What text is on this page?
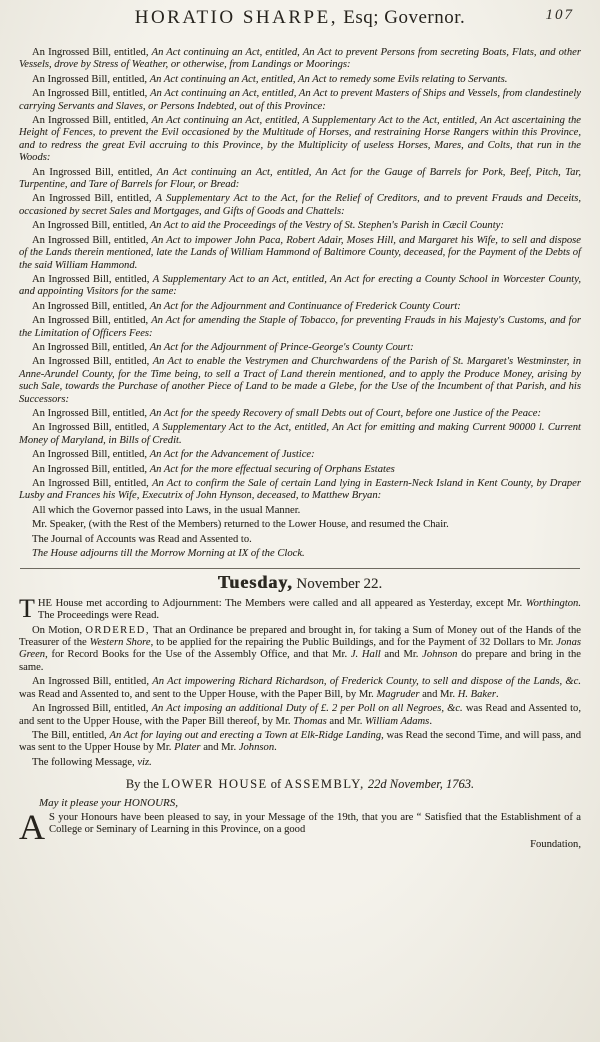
HORATIO SHARPE, Esq; Governor.	107

An Ingrossed Bill, entitled, An Act continuing an Act, entitled, An Act to prevent Persons from secreting Boats, Flats, and other Vessels, drove by Stress of Weather, or otherwise, from Landings or Moorings:

An Ingrossed Bill, entitled, An Act continuing an Act, entitled, An Act to remedy some Evils relating to Servants.

An Ingrossed Bill, entitled, An Act continuing an Act, entitled, An Act to prevent Masters of Ships and Vessels, from clandestinely carrying Servants and Slaves, or Persons Indebted, out of this Province:

An Ingrossed Bill, entitled, An Act continuing an Act, entitled, A Supplementary Act to the Act, entitled, An Act ascertaining the Height of Fences, to prevent the Evil occasioned by the Multitude of Horses, and restraining Horse Rangers within this Province, and to redress the great Evil accruing to this Province, by the Multiplicity of useless Horses, Mares, and Colts, that run in the Woods:

An Ingrossed Bill, entitled, An Act continuing an Act, entitled, An Act for the Gauge of Barrels for Pork, Beef, Pitch, Tar, Turpentine, and Tare of Barrels for Flour, or Bread:

An Ingrossed Bill, entitled, A Supplementary Act to the Act, for the Relief of Creditors, and to prevent Frauds and Deceits, occasioned by secret Sales and Mortgages, and Gifts of Goods and Chattels:

An Ingrossed Bill, entitled, An Act to aid the Proceedings of the Vestry of St. Stephen's Parish in Cæcil County:

An Ingrossed Bill, entitled, An Act to impower John Paca, Robert Adair, Moses Hill, and Margaret his Wife, to sell and dispose of the Lands therein mentioned, late the Lands of William Hammond of Baltimore County, deceased, for the Payment of the Debts of the said William Hammond.

An Ingrossed Bill, entitled, A Supplementary Act to an Act, entitled, An Act for erecting a County School in Worcester County, and appointing Visitors for the same:

An Ingrossed Bill, entitled, An Act for the Adjournment and Continuance of Frederick County Court:

An Ingrossed Bill, entitled, An Act for amending the Staple of Tobacco, for preventing Frauds in his Majesty's Customs, and for the Limitation of Officers Fees:

An Ingrossed Bill, entitled, An Act for the Adjournment of Prince-George's County Court:

An Ingrossed Bill, entitled, An Act to enable the Vestrymen and Churchwardens of the Parish of St. Margaret's Westminster, in Anne-Arundel County, for the Time being, to sell a Tract of Land therein mentioned, and to apply the Produce Money, arising by such Sale, towards the Purchase of another Piece of Land to be made a Glebe, for the Use of the Incumbent of that Parish, and his Successors:

An Ingrossed Bill, entitled, An Act for the speedy Recovery of small Debts out of Court, before one Justice of the Peace:

An Ingrossed Bill, entitled, A Supplementary Act to the Act, entitled, An Act for emitting and making Current 90000 l. Current Money of Maryland, in Bills of Credit.

An Ingrossed Bill, entitled, An Act for the Advancement of Justice:

An Ingrossed Bill, entitled, An Act for the more effectual securing of Orphans Estates

An Ingrossed Bill, entitled, An Act to confirm the Sale of certain Land lying in Eastern-Neck Island in Kent County, by Draper Lusby and Frances his Wife, Executrix of John Hynson, deceased, to Matthew Bryan:

All which the Governor passed into Laws, in the usual Manner.

Mr. Speaker, (with the Rest of the Members) returned to the Lower House, and resumed the Chair.

The Journal of Accounts was Read and Assented to.

The House adjourns till the Morrow Morning at IX of the Clock.

Tuesday, November 22.

THE House met according to Adjournment: The Members were called and all appeared as Yesterday, except Mr. Worthington. The Proceedings were Read.

On Motion, ORDERED, That an Ordinance be prepared and brought in, for taking a Sum of Money out of the Hands of the Treasurer of the Western Shore, to be applied for the repairing the Public Buildings, and for the Payment of 32 Dollars to Mr. Jonas Green, for Record Books for the Use of the Assembly Office, and that Mr. J. Hall and Mr. Johnson do prepare and bring in the same.

An Ingrossed Bill, entitled, An Act impowering Richard Richardson, of Frederick County, to sell and dispose of the Lands, &c. was Read and Assented to, and sent to the Upper House, with the Paper Bill, by Mr. Magruder and Mr. H. Baker.

An Ingrossed Bill, entitled, An Act imposing an additional Duty of £. 2 per Poll on all Negroes, &c. was Read and Assented to, and sent to the Upper House, with the Paper Bill thereof, by Mr. Thomas and Mr. William Adams.

The Bill, entitled, An Act for laying out and erecting a Town at Elk-Ridge Landing, was Read the second Time, and will pass, and was sent to the Upper House by Mr. Plater and Mr. Johnson.

The following Message, viz.

By the LOWER HOUSE of ASSEMBLY, 22d November, 1763.

May it please your HONOURS,

A S your Honours have been pleased to say, in your Message of the 19th, that you are “ Satisfied that the Establishment of a College or Seminary of Learning in this Province, on a good

Foundation,
